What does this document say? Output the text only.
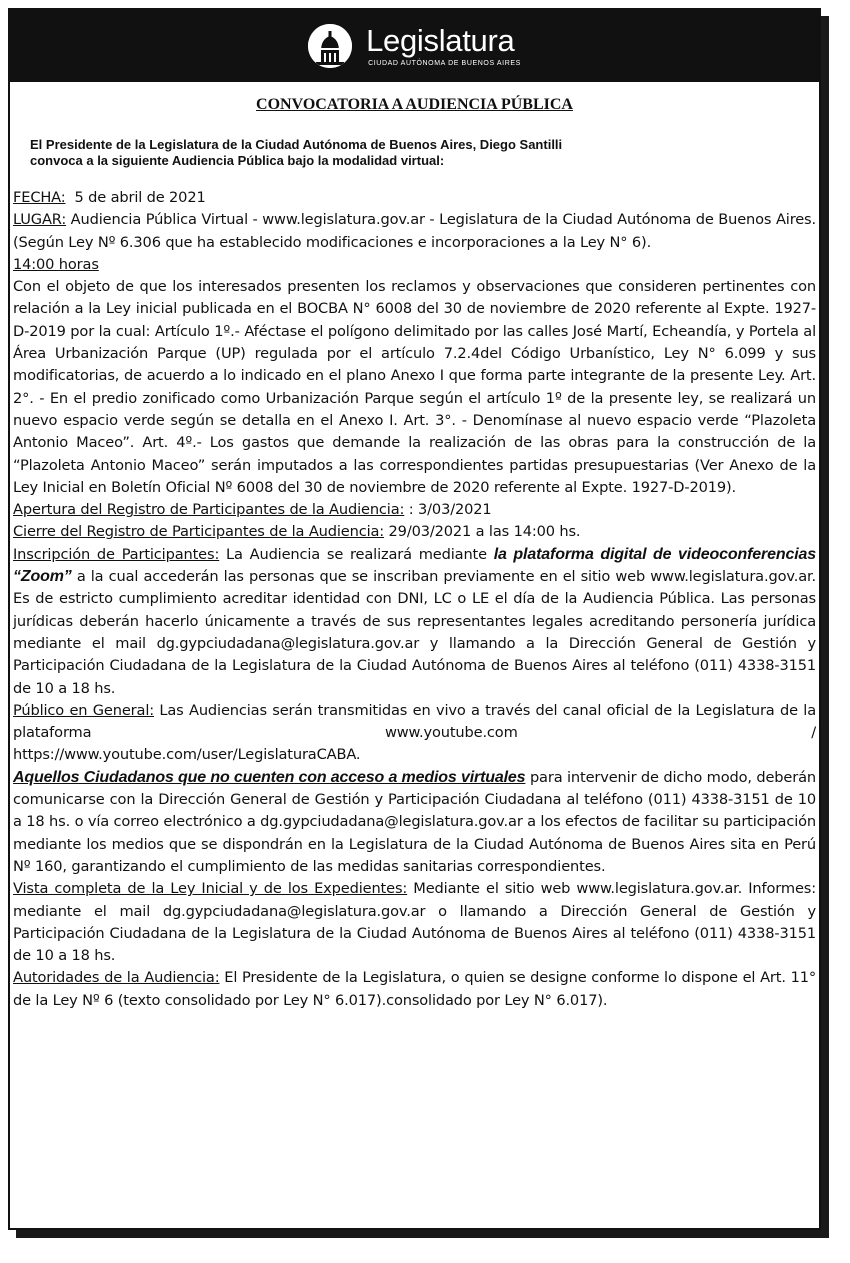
Legislatura
CIUDAD AUTÓNOMA DE BUENOS AIRES
CONVOCATORIA A AUDIENCIA PÚBLICA
El Presidente de la Legislatura de la Ciudad Autónoma de Buenos Aires, Diego Santilli
convoca a la siguiente Audiencia Pública bajo la modalidad virtual:

FECHA:  5 de abril de 2021

LUGAR: Audiencia Pública Virtual - www.legislatura.gov.ar - Legislatura de la Ciudad Autónoma de Buenos Aires. (Según Ley Nº 6.306 que ha establecido modificaciones e incorporaciones a la Ley N° 6).

14:00 horas

Con el objeto de que los interesados presenten los reclamos y observaciones que consideren pertinentes con relación a la Ley inicial publicada en el BOCBA N° 6008 del 30 de noviembre de 2020 referente al Expte. 1927-D-2019 por la cual: Artículo 1º.- Aféctase el polígono delimitado por las calles José Martí, Echeandía, y Portela al Área Urbanización Parque (UP) regulada por el artículo 7.2.4del Código Urbanístico, Ley N° 6.099 y sus modificatorias, de acuerdo a lo indicado en el plano Anexo I que forma parte integrante de la presente Ley. Art. 2°. - En el predio zonificado como Urbanización Parque según el artículo 1º de la presente ley, se realizará un nuevo espacio verde según se detalla en el Anexo I. Art. 3°. - Denomínase al nuevo espacio verde “Plazoleta Antonio Maceo”. Art. 4º.- Los gastos que demande la realización de las obras para la construcción de la “Plazoleta Antonio Maceo” serán imputados a las correspondientes partidas presupuestarias (Ver Anexo de la Ley Inicial en Boletín Oficial Nº 6008 del 30 de noviembre de 2020 referente al Expte. 1927-D-2019).

Apertura del Registro de Participantes de la Audiencia: : 3/03/2021

Cierre del Registro de Participantes de la Audiencia: 29/03/2021 a las 14:00 hs.

Inscripción de Participantes: La Audiencia se realizará mediante la plataforma digital de videoconferencias “Zoom” a la cual accederán las personas que se inscriban previamente en el sitio web www.legislatura.gov.ar. Es de estricto cumplimiento acreditar identidad con DNI, LC o LE el día de la Audiencia Pública. Las personas jurídicas deberán hacerlo únicamente a través de sus representantes legales acreditando personería jurídica mediante el mail dg.gypciudadana@legislatura.gov.ar y llamando a la Dirección General de Gestión y Participación Ciudadana de la Legislatura de la Ciudad Autónoma de Buenos Aires al teléfono (011) 4338-3151 de 10 a 18 hs.

Público en General: Las Audiencias serán transmitidas en vivo a través del canal oficial de la Legislatura de la plataforma www.youtube.com /

https://www.youtube.com/user/LegislaturaCABA.

Aquellos Ciudadanos que no cuenten con acceso a medios virtuales para intervenir de dicho modo, deberán comunicarse con la Dirección General de Gestión y Participación Ciudadana al teléfono (011) 4338-3151 de 10 a 18 hs. o vía correo electrónico a dg.gypciudadana@legislatura.gov.ar a los efectos de facilitar su participación mediante los medios que se dispondrán en la Legislatura de la Ciudad Autónoma de Buenos Aires sita en Perú Nº 160, garantizando el cumplimiento de las medidas sanitarias correspondientes.

Vista completa de la Ley Inicial y de los Expedientes: Mediante el sitio web www.legislatura.gov.ar. Informes: mediante el mail dg.gypciudadana@legislatura.gov.ar o llamando a Dirección General de Gestión y Participación Ciudadana de la Legislatura de la Ciudad Autónoma de Buenos Aires al teléfono (011) 4338-3151 de 10 a 18 hs.

Autoridades de la Audiencia: El Presidente de la Legislatura, o quien se designe conforme lo dispone el Art. 11° de la Ley Nº 6 (texto consolidado por Ley N° 6.017).consolidado por Ley N° 6.017).
